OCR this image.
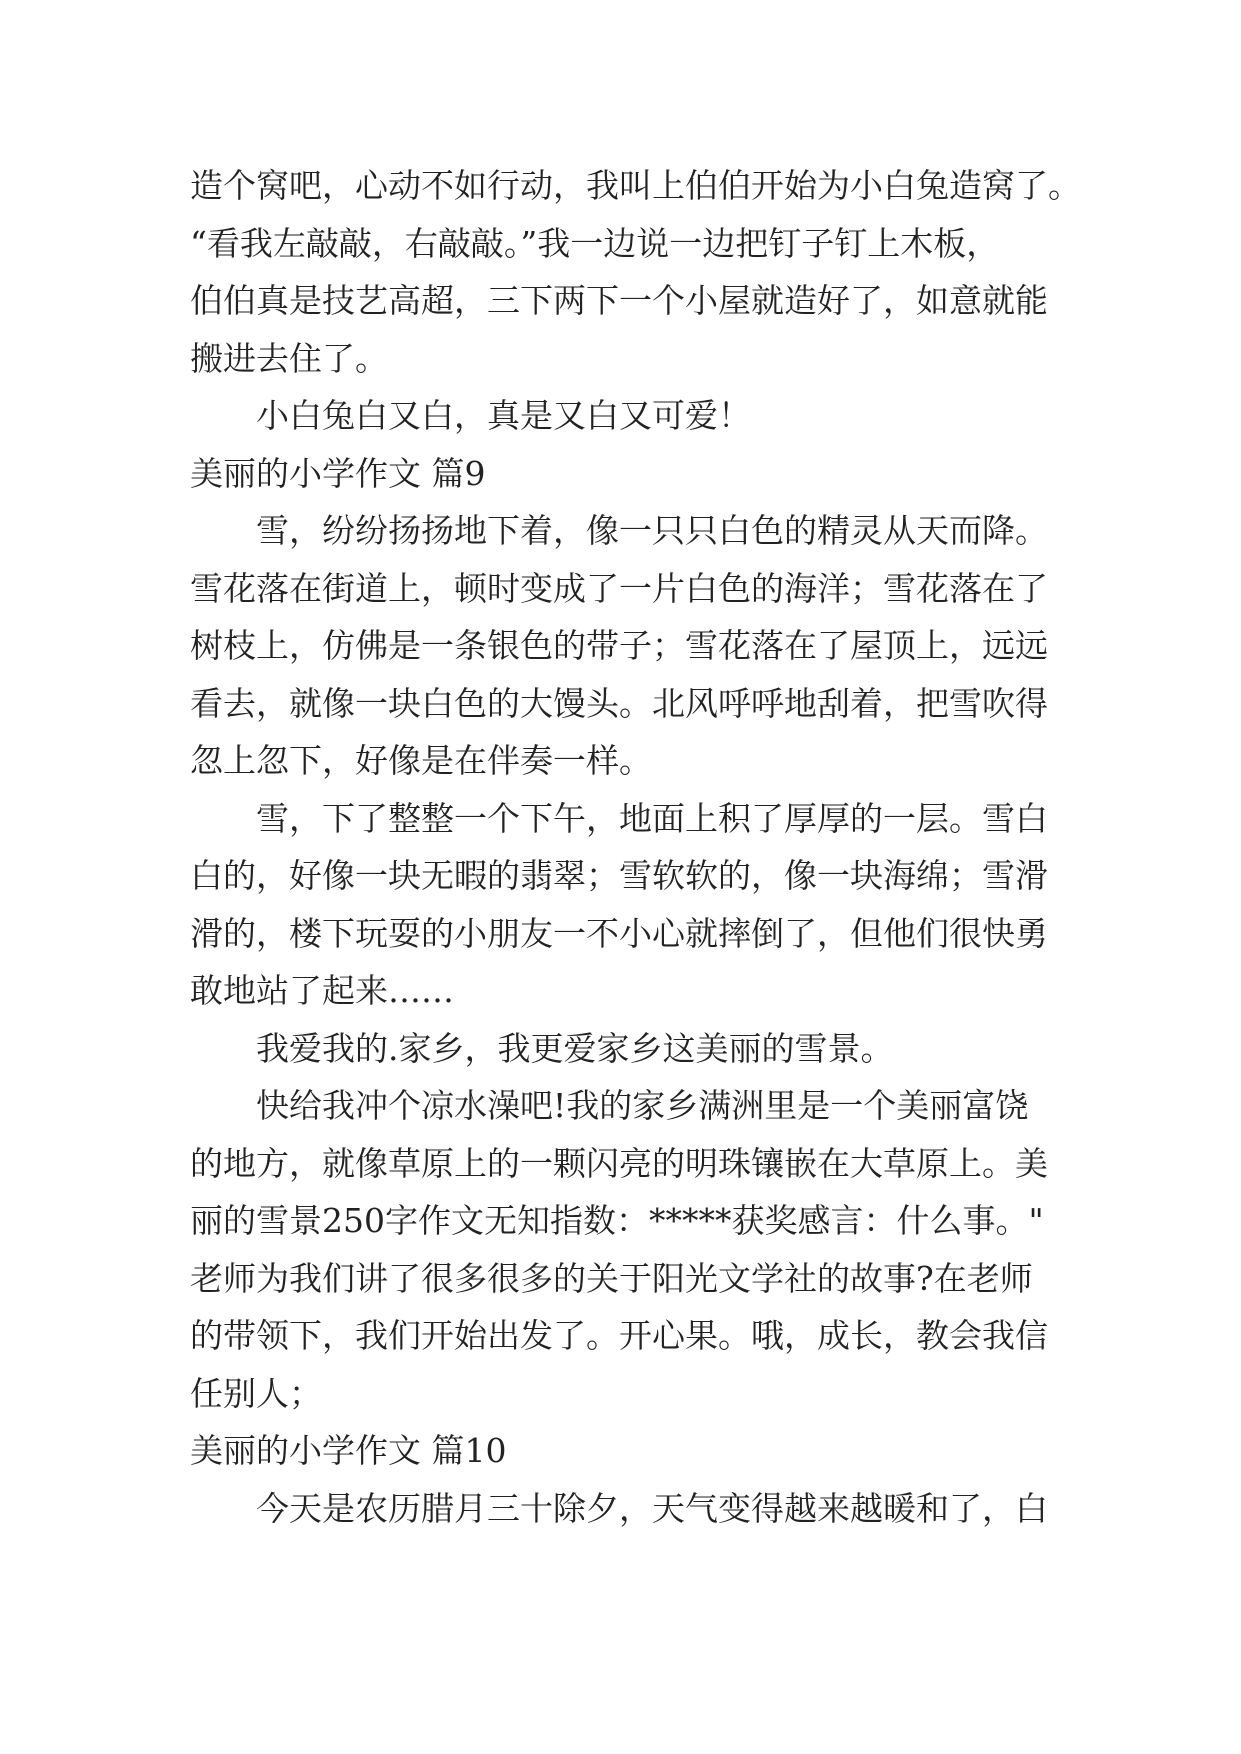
造个窝吧，心动不如行动，我叫上伯伯开始为小白兔造窝了。
“看我左敲敲，右敲敲。”我一边说一边把钉子钉上木板，
伯伯真是技艺高超，三下两下一个小屋就造好了，如意就能
搬进去住了。
小白兔白又白，真是又白又可爱！
美丽的小学作文 篇9
雪，纷纷扬扬地下着，像一只只白色的精灵从天而降。
雪花落在街道上，顿时变成了一片白色的海洋；雪花落在了
树枝上，仿佛是一条银色的带子；雪花落在了屋顶上，远远
看去，就像一块白色的大馒头。北风呼呼地刮着，把雪吹得
忽上忽下，好像是在伴奏一样。
雪，下了整整一个下午，地面上积了厚厚的一层。雪白
白的，好像一块无暇的翡翠；雪软软的，像一块海绵；雪滑
滑的，楼下玩耍的小朋友一不小心就摔倒了，但他们很快勇
敢地站了起来……
我爱我的.家乡，我更爱家乡这美丽的雪景。
快给我冲个凉水澡吧!我的家乡满洲里是一个美丽富饶
的地方，就像草原上的一颗闪亮的明珠镶嵌在大草原上。美
丽的雪景250字作文无知指数：*****获奖感言：什么事。"
老师为我们讲了很多很多的关于阳光文学社的故事?在老师
的带领下，我们开始出发了。开心果。哦，成长，教会我信
任别人；
美丽的小学作文 篇10
今天是农历腊月三十除夕，天气变得越来越暖和了，白
